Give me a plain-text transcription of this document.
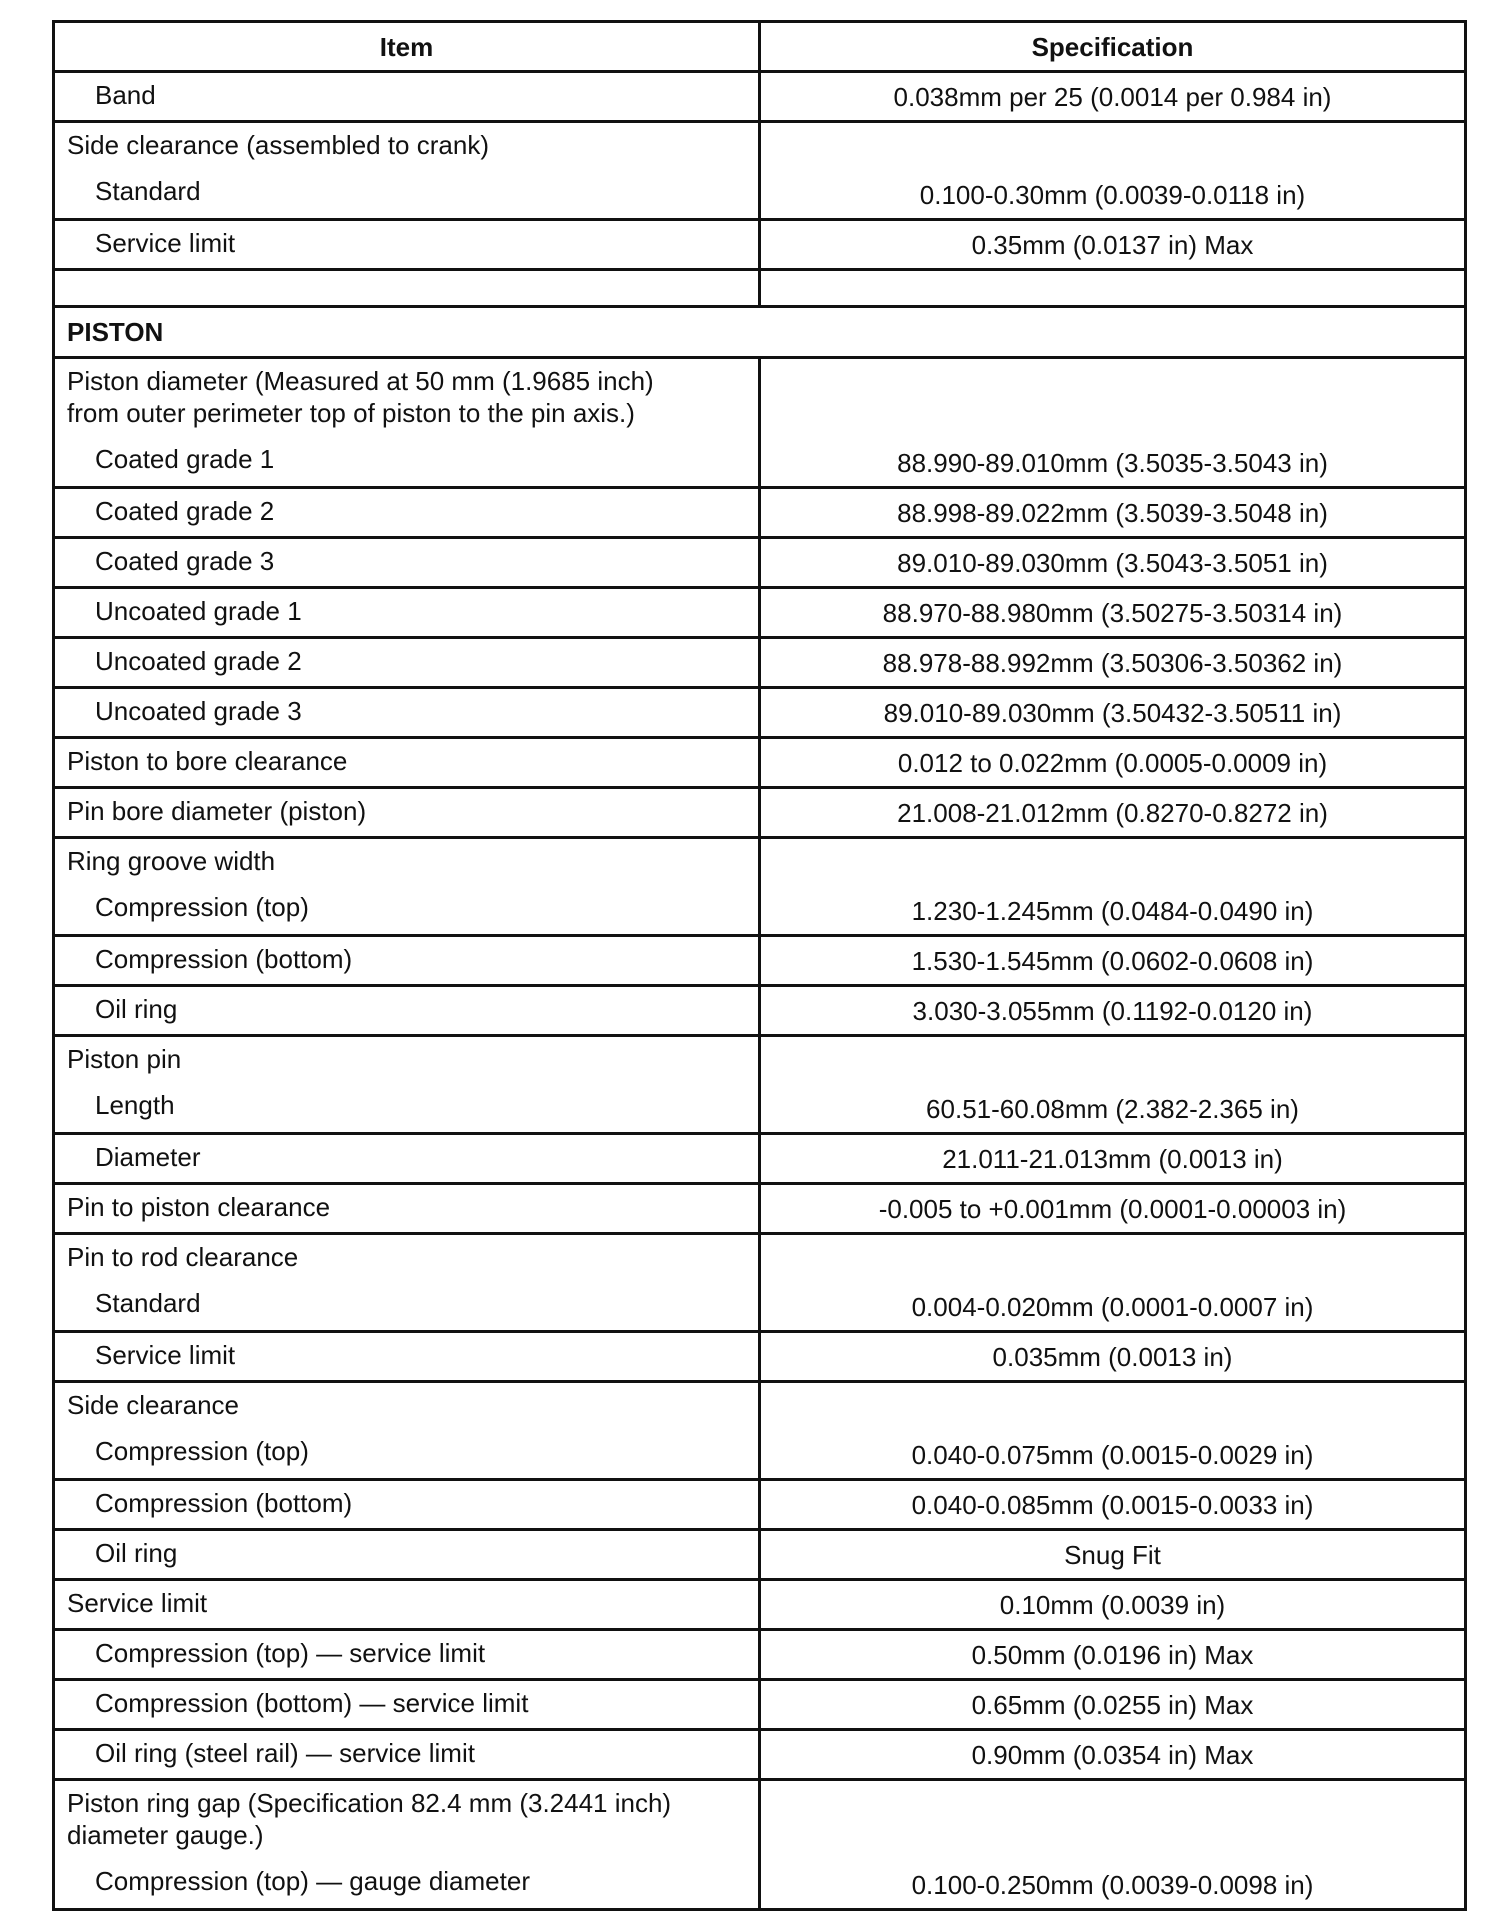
Item	Specification
Band	0.038mm per 25 (0.0014 per 0.984 in)

Side clearance (assembled to crank)
Standard	0.100-0.30mm (0.0039-0.0118 in)
Service limit	0.35mm (0.0137 in) Max

PISTON	

Piston diameter (Measured at 50 mm (1.9685 inch)
from outer perimeter top of piston to the pin axis.)
Coated grade 1	88.990-89.010mm (3.5035-3.5043 in)
Coated grade 2	88.998-89.022mm (3.5039-3.5048 in)
Coated grade 3	89.010-89.030mm (3.5043-3.5051 in)
Uncoated grade 1	88.970-88.980mm (3.50275-3.50314 in)
Uncoated grade 2	88.978-88.992mm (3.50306-3.50362 in)
Uncoated grade 3	89.010-89.030mm (3.50432-3.50511 in)
Piston to bore clearance	0.012 to 0.022mm (0.0005-0.0009 in)
Pin bore diameter (piston)	21.008-21.012mm (0.8270-0.8272 in)

Ring groove width
Compression (top)	1.230-1.245mm (0.0484-0.0490 in)
Compression (bottom)	1.530-1.545mm (0.0602-0.0608 in)
Oil ring	3.030-3.055mm (0.1192-0.0120 in)

Piston pin
Length	60.51-60.08mm (2.382-2.365 in)
Diameter	21.011-21.013mm (0.0013 in)
Pin to piston clearance	-0.005 to +0.001mm (0.0001-0.00003 in)

Pin to rod clearance
Standard	0.004-0.020mm (0.0001-0.0007 in)
Service limit	0.035mm (0.0013 in)

Side clearance
Compression (top)	0.040-0.075mm (0.0015-0.0029 in)
Compression (bottom)	0.040-0.085mm (0.0015-0.0033 in)
Oil ring	Snug Fit
Service limit	0.10mm (0.0039 in)
Compression (top) — service limit	0.50mm (0.0196 in) Max
Compression (bottom) — service limit	0.65mm (0.0255 in) Max
Oil ring (steel rail) — service limit	0.90mm (0.0354 in) Max

Piston ring gap (Specification 82.4 mm (3.2441 inch)
diameter gauge.)
Compression (top) — gauge diameter	0.100-0.250mm (0.0039-0.0098 in)
